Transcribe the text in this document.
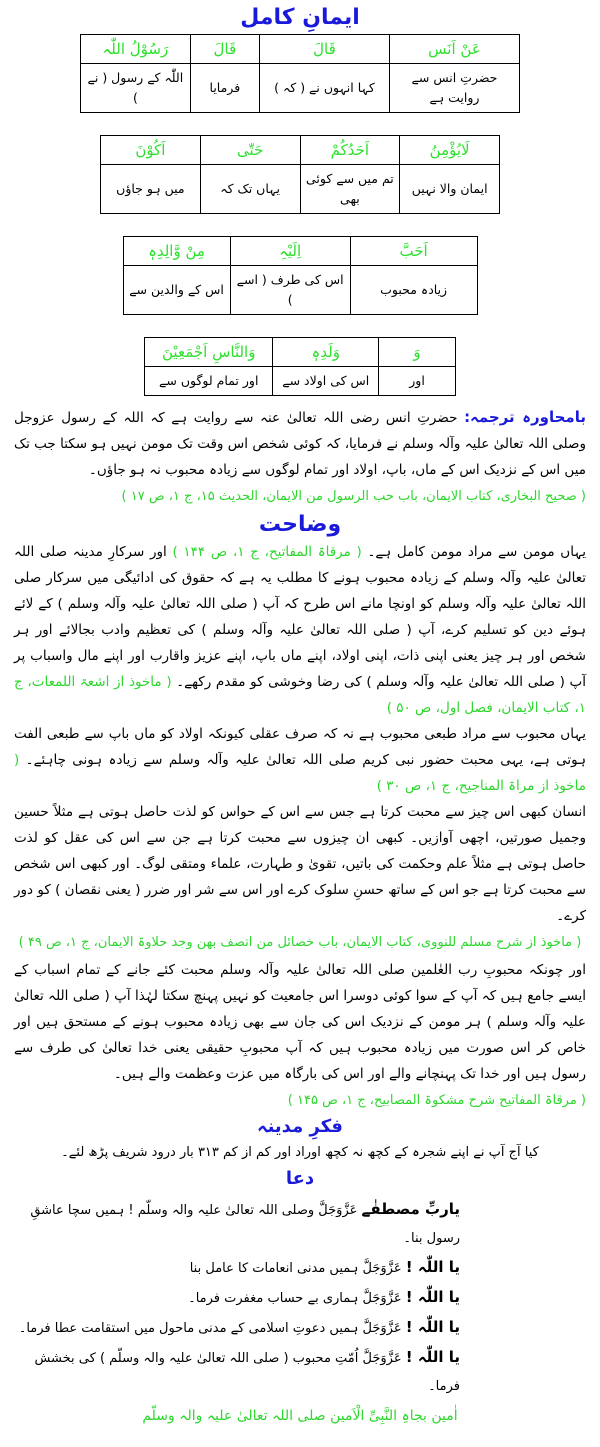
ایمانِ کامل
عَنْ اَنَس	قَالَ	قَالَ	رَسُوْلُ اللّٰہ
حضرتِ انس سے روایت ہے	کہا انہوں نے ( کہ )	فرمایا	اللّٰہ کے رسول ( نے )
لَایُؤْمِنُ	اَحَدُکُمْ	حَتّٰی	اَکُوْنَ
ایمان والا نہیں	تم میں سے کوئی بھی	یہاں تک کہ	میں ہو جاؤں
اَحَبَّ	اِلَیْہِ	مِنْ وَّالِدِہٖ
زیادہ محبوب	اس کی طرف ( اسے )	اس کے والدین سے
وَ	وَلَدِہٖ	وَالنَّاسِ اَجْمَعِیْنَ
اور	اس کی اولاد سے	اور تمام لوگوں سے

بامحاورہ ترجمہ: حضرتِ انس رضی اللہ تعالیٰ عنہ سے روایت ہے کہ اللہ کے رسول عزوجل وصلی اللہ تعالیٰ علیہ وآلہ وسلم نے فرمایا، کہ کوئی شخص اس وقت تک مومن نہیں ہو سکتا جب تک میں اس کے نزدیک اس کے ماں، باپ، اولاد اور تمام لوگوں سے زیادہ محبوب نہ ہو جاؤں۔

( صحیح البخاری، کتاب الایمان، باب حب الرسول من الایمان، الحدیث ۱۵، ج ۱، ص ۱۷ )
وضاحت

یہاں مومن سے مراد مومن کامل ہے۔ ( مرقاۃ المفاتیح، ج ۱، ص ۱۴۴ ) اور سرکارِ مدینہ صلی اللہ تعالیٰ علیہ وآلہ وسلم کے زیادہ محبوب ہونے کا مطلب یہ ہے کہ حقوق کی ادائیگی میں سرکار صلی اللہ تعالیٰ علیہ وآلہ وسلم کو اونچا مانے اس طرح کہ آپ ( صلی اللہ تعالیٰ علیہ وآلہ وسلم ) کے لائے ہوئے دین کو تسلیم کرے، آپ ( صلی اللہ تعالیٰ علیہ وآلہ وسلم ) کی تعظیم وادب بجالائے اور ہر شخص اور ہر چیز یعنی اپنی ذات، اپنی اولاد، اپنے ماں باپ، اپنے عزیز واقارب اور اپنے مال واسباب پر آپ ( صلی اللہ تعالیٰ علیہ وآلہ وسلم ) کی رضا وخوشی کو مقدم رکھے۔ ( ماخوذ از اشعۃ اللمعات، ج ۱، کتاب الایمان، فصل اول، ص ۵۰ )

یہاں محبوب سے مراد طبعی محبوب ہے نہ کہ صرف عقلی کیونکہ اولاد کو ماں باپ سے طبعی الفت ہوتی ہے، یہی محبت حضور نبی کریم صلی اللہ تعالیٰ علیہ وآلہ وسلم سے زیادہ ہونی چاہئے۔ ( ماخوذ از مراۃ المناجیح، ج ۱، ص ۳۰ )

انسان کبھی اس چیز سے محبت کرتا ہے جس سے اس کے حواس کو لذت حاصل ہوتی ہے مثلاً حسین وجمیل صورتیں، اچھی آوازیں۔ کبھی ان چیزوں سے محبت کرتا ہے جن سے اس کی عقل کو لذت حاصل ہوتی ہے مثلاً علم وحکمت کی باتیں، تقویٰ و طہارت، علماء ومتقی لوگ۔ اور کبھی اس شخص سے محبت کرتا ہے جو اس کے ساتھ حسنِ سلوک کرے اور اس سے شر اور ضرر ( یعنی نقصان ) کو دور کرے۔

( ماخوذ از شرح مسلم للنووی، کتاب الایمان، باب خصائل من اتصف بھن وجد حلاوۃ الایمان، ج ۱، ص ۴۹ )

اور چونکہ محبوبِ رب العٰلمین صلی اللہ تعالیٰ علیہ وآلہ وسلم محبت کئے جانے کے تمام اسباب کے ایسے جامع ہیں کہ آپ کے سوا کوئی دوسرا اس جامعیت کو نہیں پہنچ سکتا لہٰذا آپ ( صلی اللہ تعالیٰ علیہ وآلہ وسلم ) ہر مومن کے نزدیک اس کی جان سے بھی زیادہ محبوب ہونے کے مستحق ہیں اور خاص کر اس صورت میں زیادہ محبوب ہیں کہ آپ محبوبِ حقیقی یعنی خدا تعالیٰ کی طرف سے رسول ہیں اور خدا تک پہنچانے والے اور اس کی بارگاہ میں عزت وعظمت والے ہیں۔

( مرقاۃ المفاتیح شرح مشکوۃ المصابیح، ج ۱، ص ۱۴۵ )
فکرِ مدینہ
کیا آج آپ نے اپنے شجرہ کے کچھ نہ کچھ اوراد اور کم از کم ۳۱۳ بار درود شریف پڑھ لئے۔
دعا
یاربِّ مصطفٰے عَزَّوَجَلَّ وصلی اللہ تعالیٰ علیہ والہ وسلّم ! ہمیں سچا عاشقِ رسول بنا۔
یا اللّٰہ ! عَزَّوَجَلَّ ہمیں مدنی انعامات کا عامل بنا
یا اللّٰہ ! عَزَّوَجَلَّ ہماری بے حساب مغفرت فرما۔
یا اللّٰہ ! عَزَّوَجَلَّ ہمیں دعوتِ اسلامی کے مدنی ماحول میں استقامت عطا فرما۔
یا اللّٰہ ! عَزَّوَجَلَّ اُمّتِ محبوب ( صلی اللہ تعالیٰ علیہ والہ وسلّم ) کی بخشش فرما۔
اٰمین بجاہِ النَّبِیِّ الْاَمین صلی اللہ تعالیٰ علیہ والہ وسلّم
